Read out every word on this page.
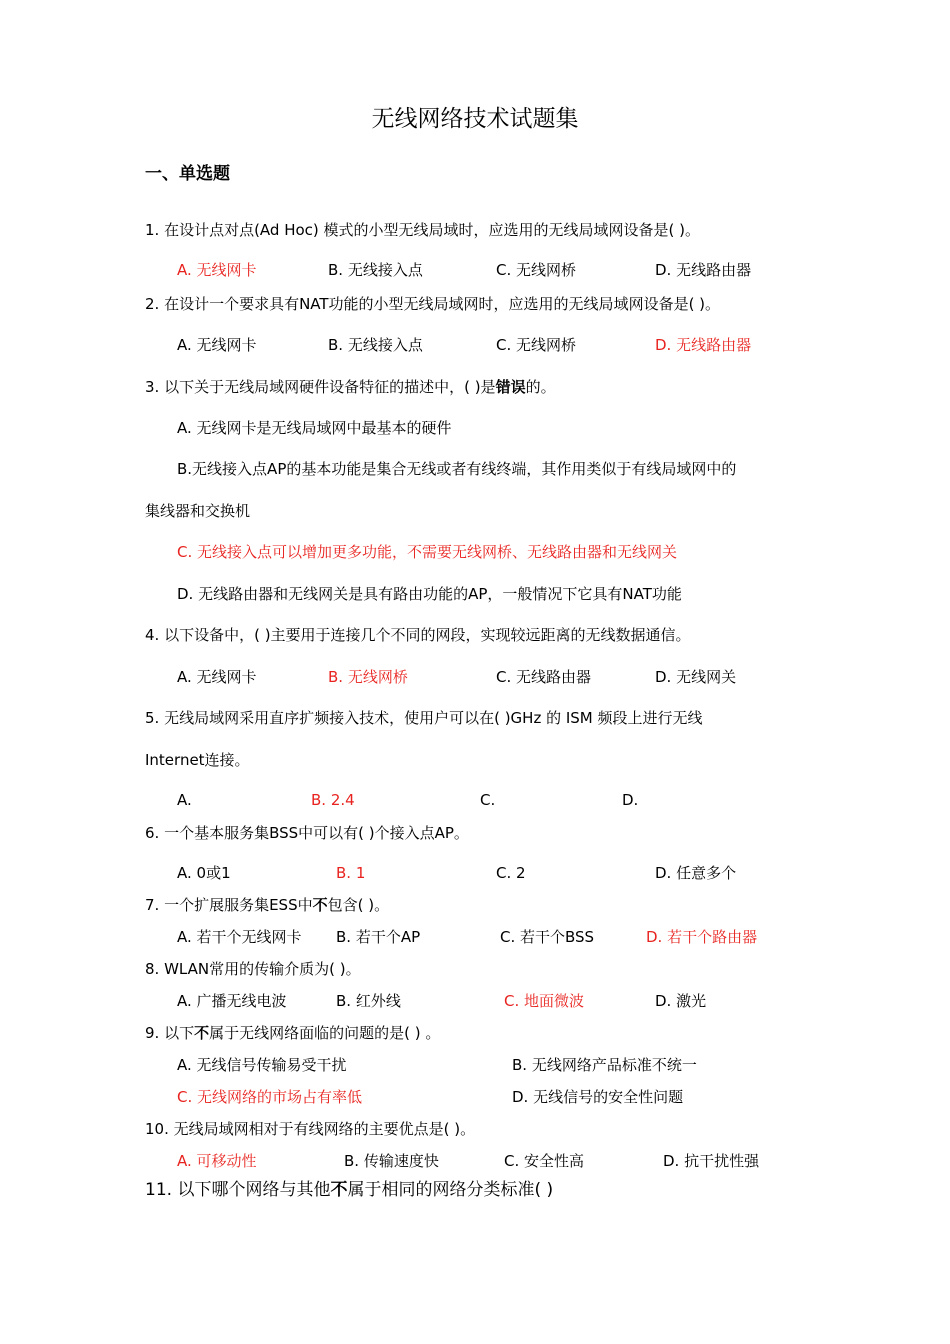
无线网络技术试题集
一、单选题
1. 在设计点对点(Ad Hoc) 模式的小型无线局域时，应选用的无线局域网设备是( )。
A. 无线网卡	B. 无线接入点	C. 无线网桥	D. 无线路由器
2. 在设计一个要求具有NAT功能的小型无线局域网时，应选用的无线局域网设备是( )。
A. 无线网卡	B. 无线接入点	C. 无线网桥	D. 无线路由器
3. 以下关于无线局域网硬件设备特征的描述中，( )是错误的。
A. 无线网卡是无线局域网中最基本的硬件
B.无线接入点AP的基本功能是集合无线或者有线终端，其作用类似于有线局域网中的
集线器和交换机
C. 无线接入点可以增加更多功能，不需要无线网桥、无线路由器和无线网关
D. 无线路由器和无线网关是具有路由功能的AP，一般情况下它具有NAT功能
4. 以下设备中，( )主要用于连接几个不同的网段，实现较远距离的无线数据通信。
A. 无线网卡	B. 无线网桥	C. 无线路由器	D. 无线网关
5. 无线局域网采用直序扩频接入技术，使用户可以在( )GHz 的 ISM 频段上进行无线
Internet连接。
A.	B. 2.4	C.	D.
6. 一个基本服务集BSS中可以有( )个接入点AP。
A. 0或1	B. 1	C. 2	D. 任意多个
7. 一个扩展服务集ESS中不包含( )。
A. 若干个无线网卡 B. 若干个AP	C. 若干个BSS	D. 若干个路由器
8. WLAN常用的传输介质为( )。
A. 广播无线电波	B. 红外线	C. 地面微波	D. 激光
9. 以下不属于无线网络面临的问题的是( ) 。
A. 无线信号传输易受干扰	B. 无线网络产品标准不统一
C. 无线网络的市场占有率低	D. 无线信号的安全性问题
10. 无线局域网相对于有线网络的主要优点是( )。
A. 可移动性	B. 传输速度快	C. 安全性高	D. 抗干扰性强
11. 以下哪个网络与其他不属于相同的网络分类标准( )
